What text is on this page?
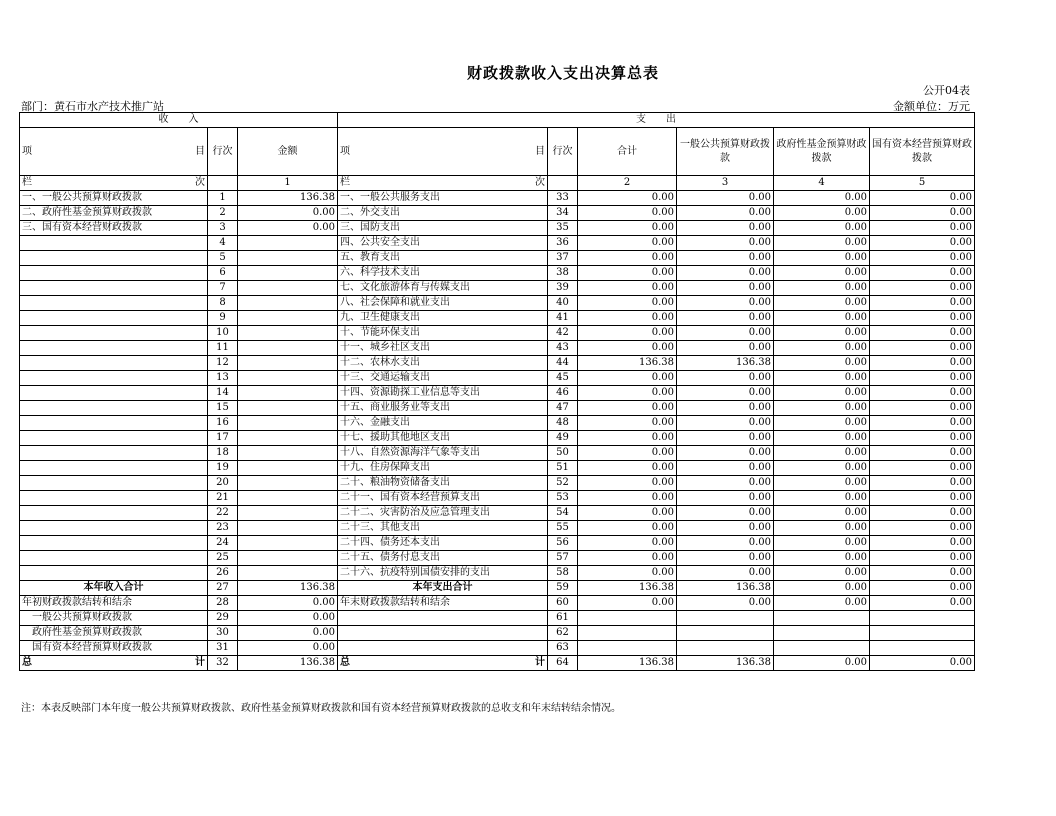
财政拨款收入支出决算总表
公开04表
部门：黄石市水产技术推广站	金额单位：万元
收　　入			支　　出					

项 目	行次	金额	项 目	行次	合计	一般公共预算财政拨款	政府性基金预算财政拨款	国有资本经营预算财政拨款

栏 次		1	栏 次		2	3	4	5
一、一般公共预算财政拨款	1	136.38	一、一般公共服务支出	33	0.00	0.00	0.00	0.00
二、政府性基金预算财政拨款	2	0.00	二、外交支出	34	0.00	0.00	0.00	0.00
三、国有资本经营财政拨款	3	0.00	三、国防支出	35	0.00	0.00	0.00	0.00
	4		四、公共安全支出	36	0.00	0.00	0.00	0.00
	5		五、教育支出	37	0.00	0.00	0.00	0.00
	6		六、科学技术支出	38	0.00	0.00	0.00	0.00
	7		七、文化旅游体育与传媒支出	39	0.00	0.00	0.00	0.00
	8		八、社会保障和就业支出	40	0.00	0.00	0.00	0.00
	9		九、卫生健康支出	41	0.00	0.00	0.00	0.00
	10		十、节能环保支出	42	0.00	0.00	0.00	0.00
	11		十一、城乡社区支出	43	0.00	0.00	0.00	0.00
	12		十二、农林水支出	44	136.38	136.38	0.00	0.00
	13		十三、交通运输支出	45	0.00	0.00	0.00	0.00
	14		十四、资源勘探工业信息等支出	46	0.00	0.00	0.00	0.00
	15		十五、商业服务业等支出	47	0.00	0.00	0.00	0.00
	16		十六、金融支出	48	0.00	0.00	0.00	0.00
	17		十七、援助其他地区支出	49	0.00	0.00	0.00	0.00
	18		十八、自然资源海洋气象等支出	50	0.00	0.00	0.00	0.00
	19		十九、住房保障支出	51	0.00	0.00	0.00	0.00
	20		二十、粮油物资储备支出	52	0.00	0.00	0.00	0.00
	21		二十一、国有资本经营预算支出	53	0.00	0.00	0.00	0.00
	22		二十二、灾害防治及应急管理支出	54	0.00	0.00	0.00	0.00
	23		二十三、其他支出	55	0.00	0.00	0.00	0.00
	24		二十四、债务还本支出	56	0.00	0.00	0.00	0.00
	25		二十五、债务付息支出	57	0.00	0.00	0.00	0.00
	26		二十六、抗疫特别国债安排的支出	58	0.00	0.00	0.00	0.00
本年收入合计	27	136.38	本年支出合计	59	136.38	136.38	0.00	0.00
年初财政拨款结转和结余	28	0.00	年末财政拨款结转和结余	60	0.00	0.00	0.00	0.00
一般公共预算财政拨款	29	0.00		61				
政府性基金预算财政拨款	30	0.00		62				
国有资本经营预算财政拨款	31	0.00		63				

总 计	32	136.38	总 计	64	136.38	136.38	0.00	0.00
注：本表反映部门本年度一般公共预算财政拨款、政府性基金预算财政拨款和国有资本经营预算财政拨款的总收支和年末结转结余情况。
